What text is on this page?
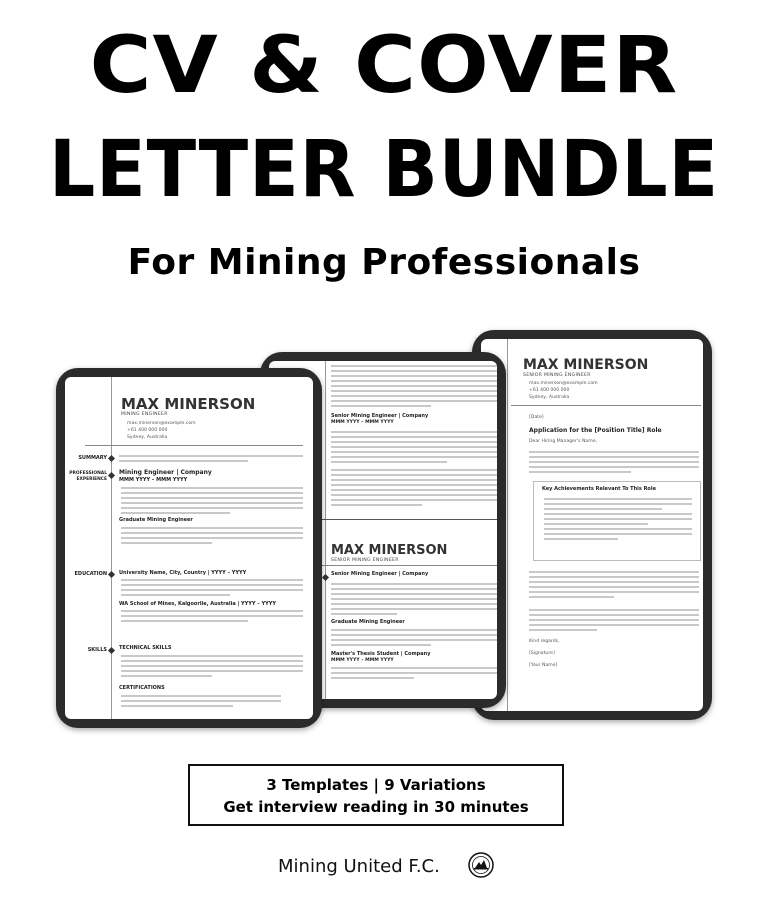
CV & COVER
LETTER BUNDLE
For Mining Professionals
MAX MINERSON
SENIOR MINING ENGINEER
max.minerson@example.com
+61 400 000 000
Sydney, Australia
[Date]
Application for the [Position Title] Role
Dear Hiring Manager's Name,
Key Achievements Relevant To This Role
Kind regards,
[Signature]
[Your Name]
Senior Mining Engineer | Company
MMM YYYY – MMM YYYY
MAX MINERSON
SENIOR MINING ENGINEER
Senior Mining Engineer | Company
Graduate Mining Engineer
Master's Thesis Student | Company
MMM YYYY – MMM YYYY
MAX MINERSON
MINING ENGINEER
max.minerson@example.com
+61 400 000 000
Sydney, Australia
SUMMARY
PROFESSIONAL EXPERIENCE
Mining Engineer | Company
MMM YYYY – MMM YYYY
Graduate Mining Engineer
EDUCATION University Name, City, Country | YYYY – YYYY
WA School of Mines, Kalgoorlie, Australia | YYYY – YYYY
SKILLS TECHNICAL SKILLS
CERTIFICATIONS
3 Templates | 9 Variations
Get interview reading in 30 minutes
Mining United F.C.
